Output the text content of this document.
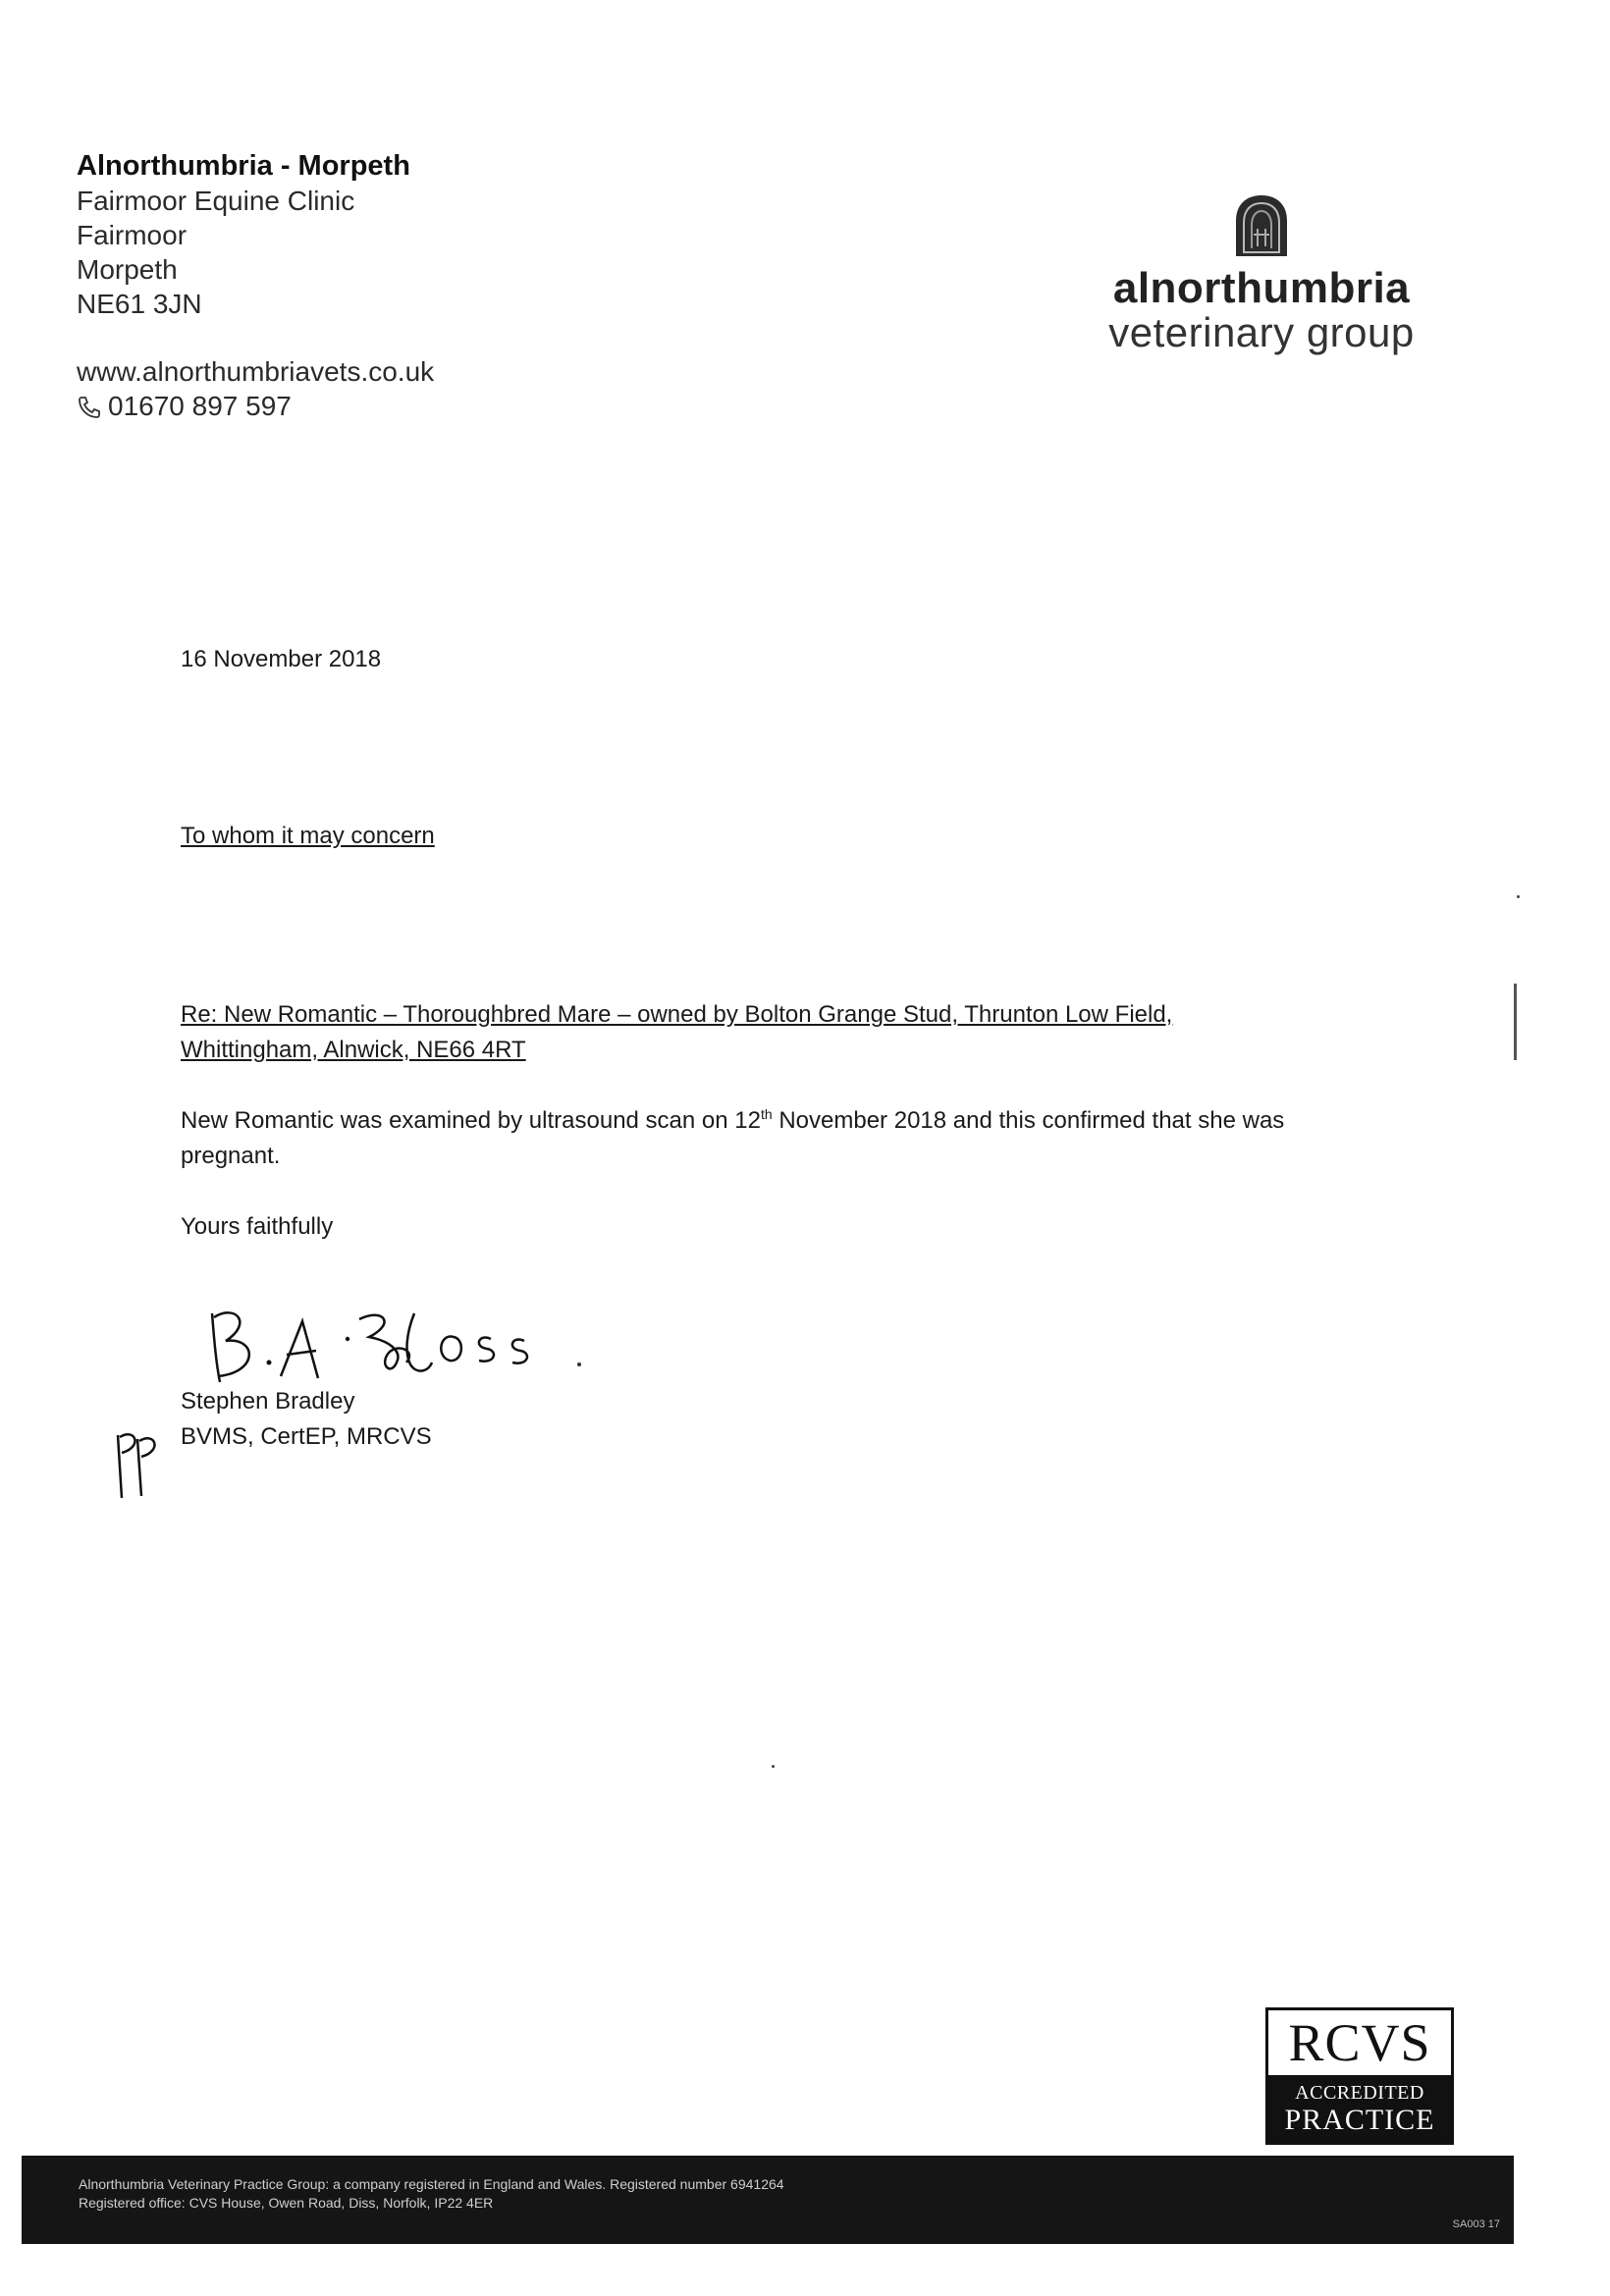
Alnorthumbria - Morpeth
Fairmoor Equine Clinic
Fairmoor
Morpeth
NE61 3JN
www.alnorthumbriavets.co.uk
01670 897 597
alnorthumbria
veterinary group
16 November 2018
To whom it may concern
Re: New Romantic – Thoroughbred Mare – owned by Bolton Grange Stud, Thrunton Low Field,
Whittingham, Alnwick, NE66 4RT
New Romantic was examined by ultrasound scan on 12th November 2018 and this confirmed that she was pregnant.
Yours faithfully
Stephen Bradley
BVMS, CertEP, MRCVS
RCVS
ACCREDITED
PRACTICE
Alnorthumbria Veterinary Practice Group: a company registered in England and Wales. Registered number 6941264
Registered office: CVS House, Owen Road, Diss, Norfolk, IP22 4ER
SA003 17
